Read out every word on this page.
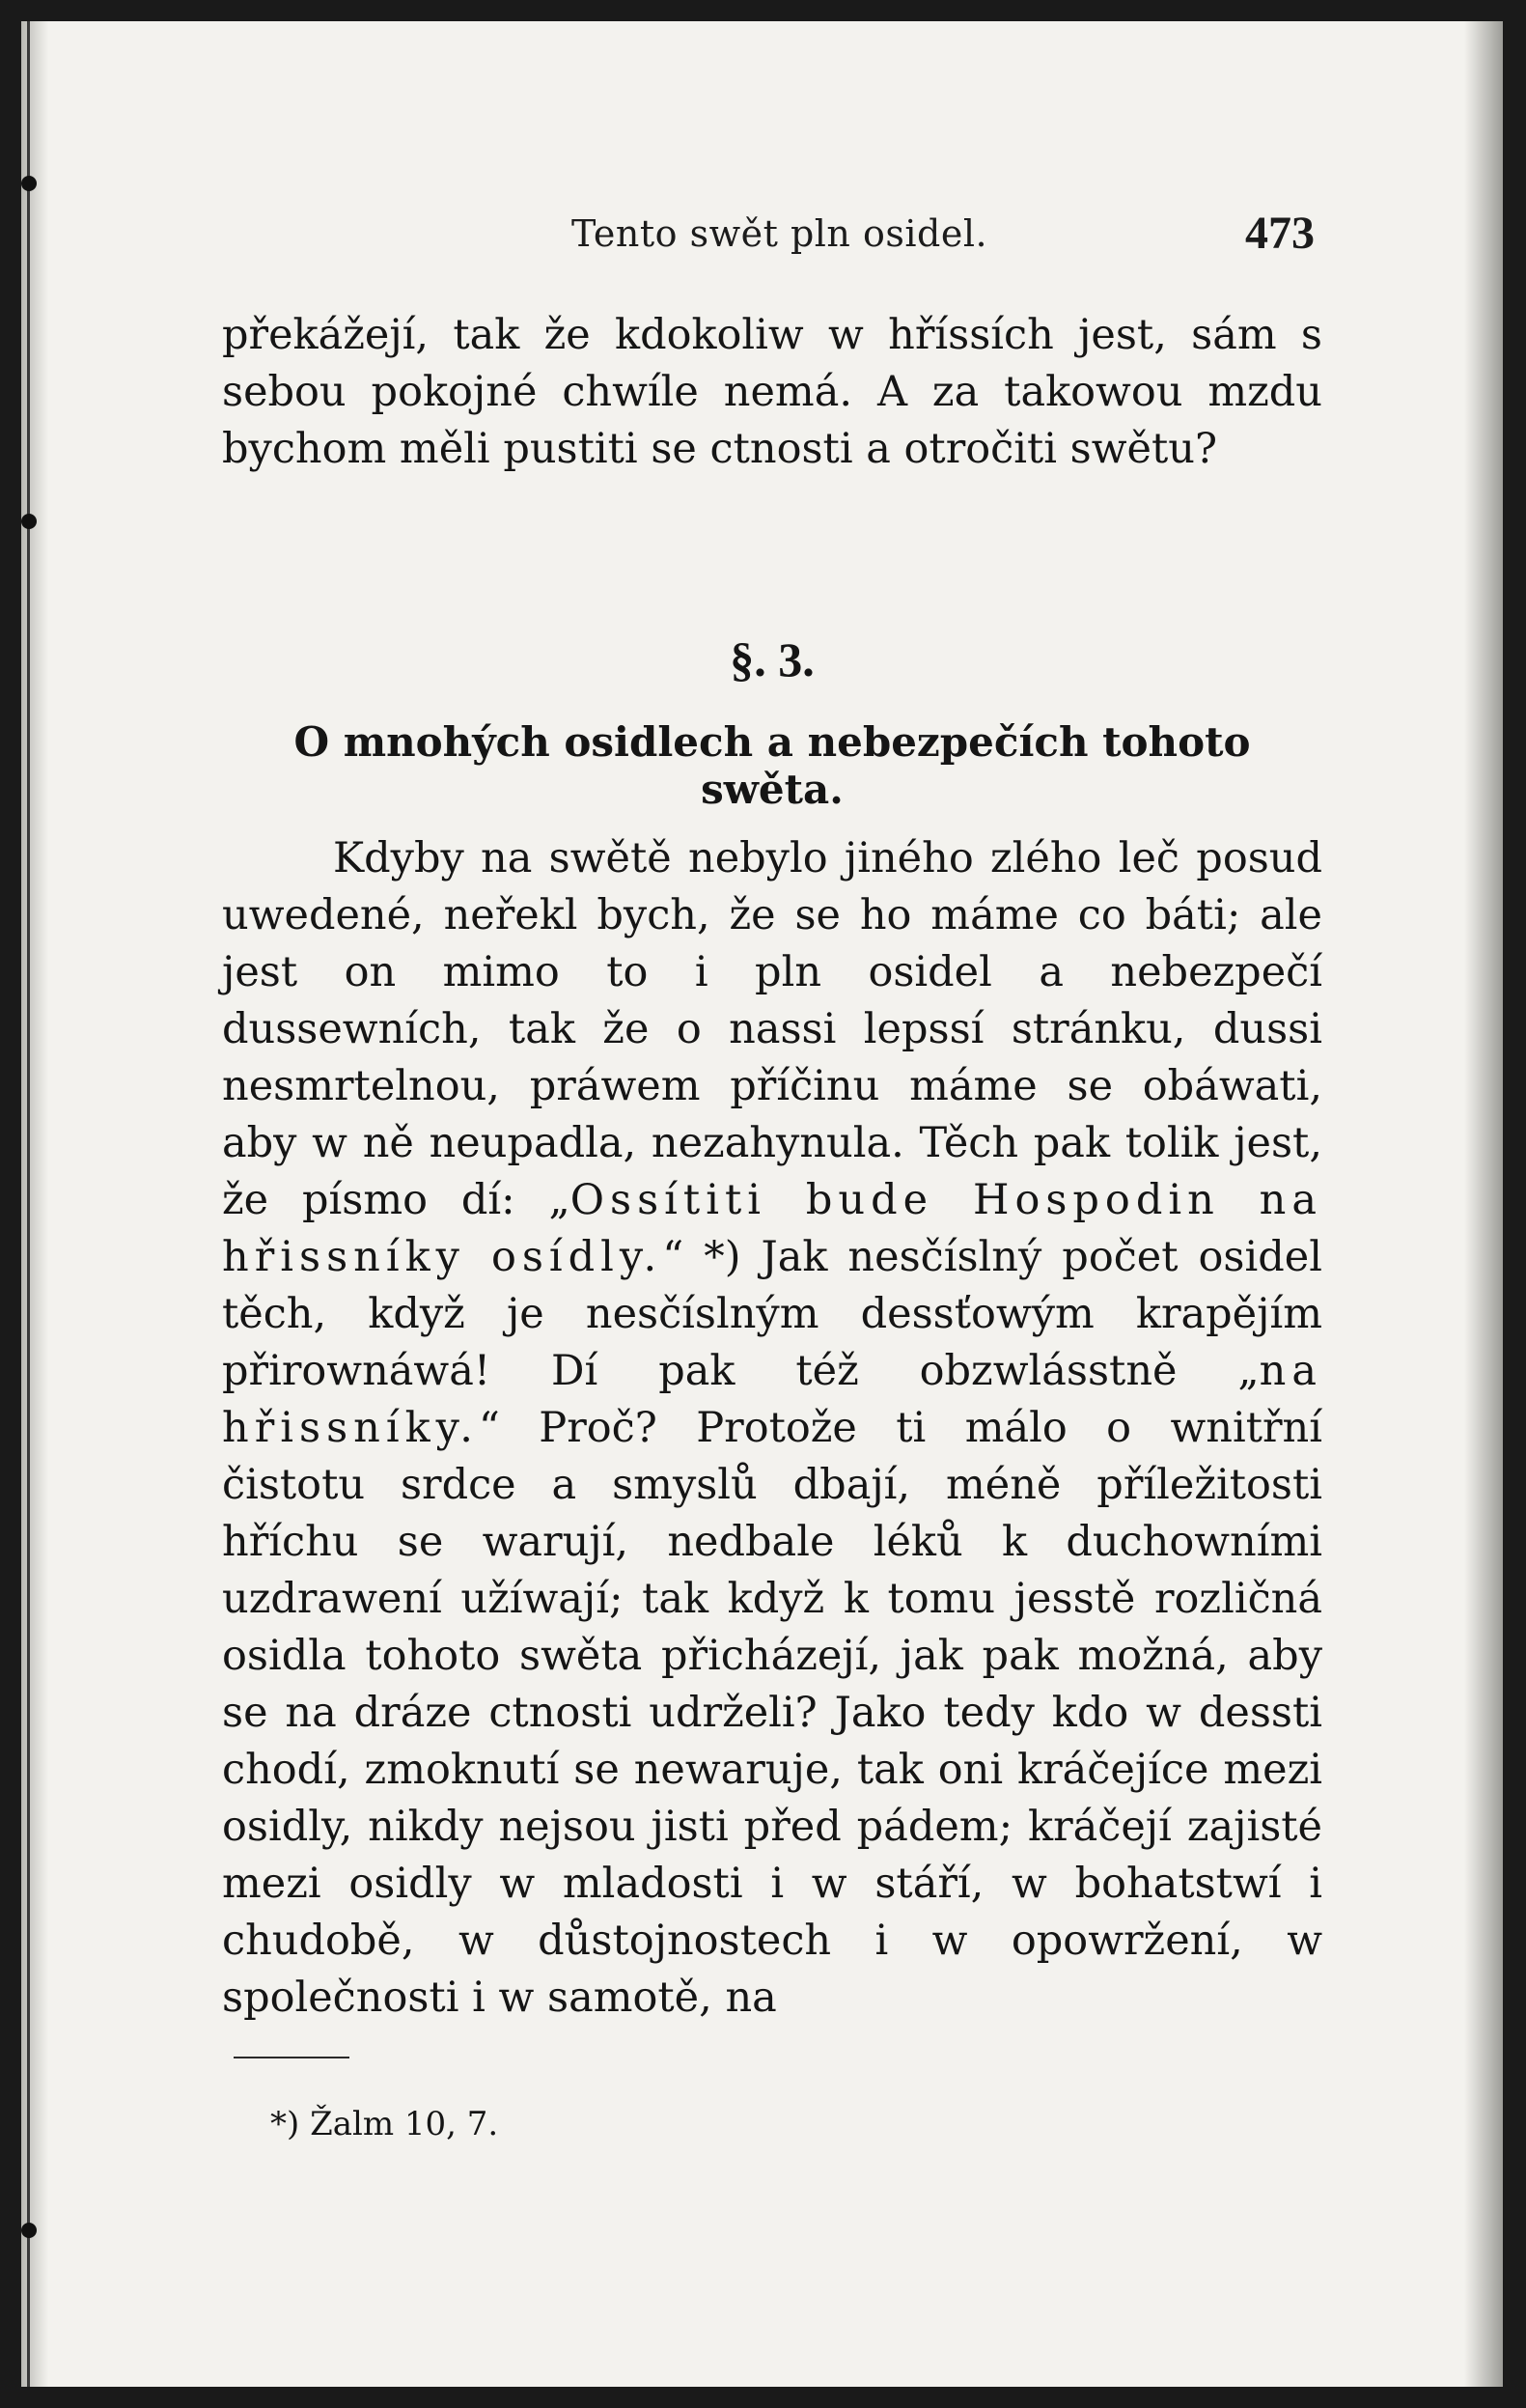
Tento swět pln osidel.	473

překážejí, tak že kdokoliw w hříssích jest, sám s sebou pokojné chwíle nemá. A za takowou mzdu bychom měli pustiti se ctnosti a otročiti swětu?

§. 3.
O mnohých osidlech a nebezpečích tohoto swěta.

Kdyby na swětě nebylo jiného zlého leč posud uwedené, neřekl bych, že se ho máme co báti; ale jest on mimo to i pln osidel a nebezpečí dussewních, tak že o nassi lepssí stránku, dussi nesmrtelnou, práwem příčinu máme se obáwati, aby w ně neupadla, nezahynula. Těch pak tolik jest, že písmo dí: „Ossítiti bude Hospodin na hřissníky osídly.“ *) Jak nesčíslný počet osidel těch, když je nesčíslným dessťowým krapějím přirownáwá! Dí pak též obzwlásstně „na hřissníky.“ Proč? Protože ti málo o wnitřní čistotu srdce a smyslů dbají, méně příležitosti hříchu se warují, nedbale léků k duchowními uzdrawení užíwají; tak když k tomu jesstě rozličná osidla tohoto swěta přicházejí, jak pak možná, aby se na dráze ctnosti udrželi? Jako tedy kdo w dessti chodí, zmoknutí se newaruje, tak oni kráčejíce mezi osidly, nikdy nejsou jisti před pádem; kráčejí zajisté mezi osidly w mladosti i w stáří, w bohatstwí i chudobě, w důstojnostech i w opowržení, w společnosti i w samotě, na

*) Žalm 10, 7.
